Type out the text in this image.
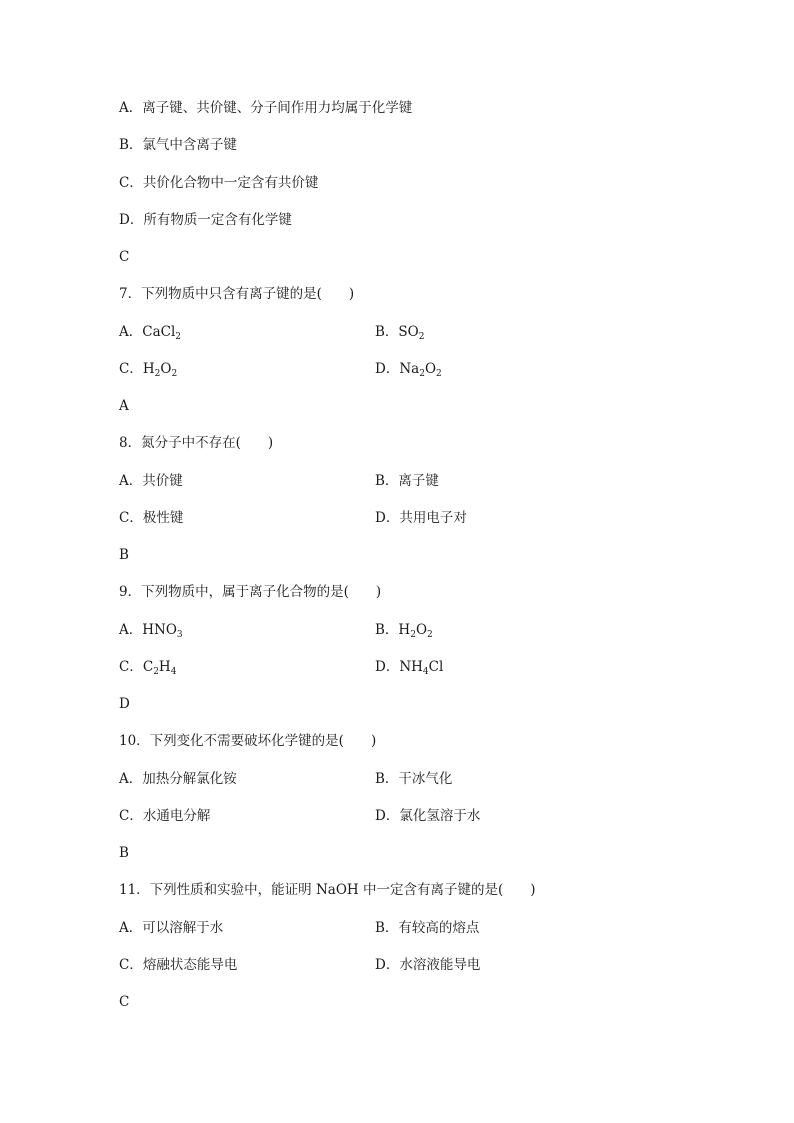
A．离子键、共价键、分子间作用力均属于化学键
B．氯气中含离子键
C．共价化合物中一定含有共价键
D．所有物质一定含有化学键
C
7．下列物质中只含有离子键的是(　　)
A．CaCl$_2$	B．$SO_2$
C．$H_2O_2$	D．$Na_2O_2$
A
8．氮分子中不存在(　　)
A．共价键	B．离子键
C．极性键	D．共用电子对
B
9．下列物质中，属于离子化合物的是(　　)
A．$HNO_3$	B．$H_2O_2$
C．$C_2H_4$	D．$NH_4Cl$
D
10．下列变化不需要破坏化学键的是(　　)
A．加热分解氯化铵	B．干冰气化
C．水通电分解	D．氯化氢溶于水
B
11．下列性质和实验中，能证明 NaOH 中一定含有离子键的是(　　)
A．可以溶解于水	B．有较高的熔点
C．熔融状态能导电	D．水溶液能导电
C
